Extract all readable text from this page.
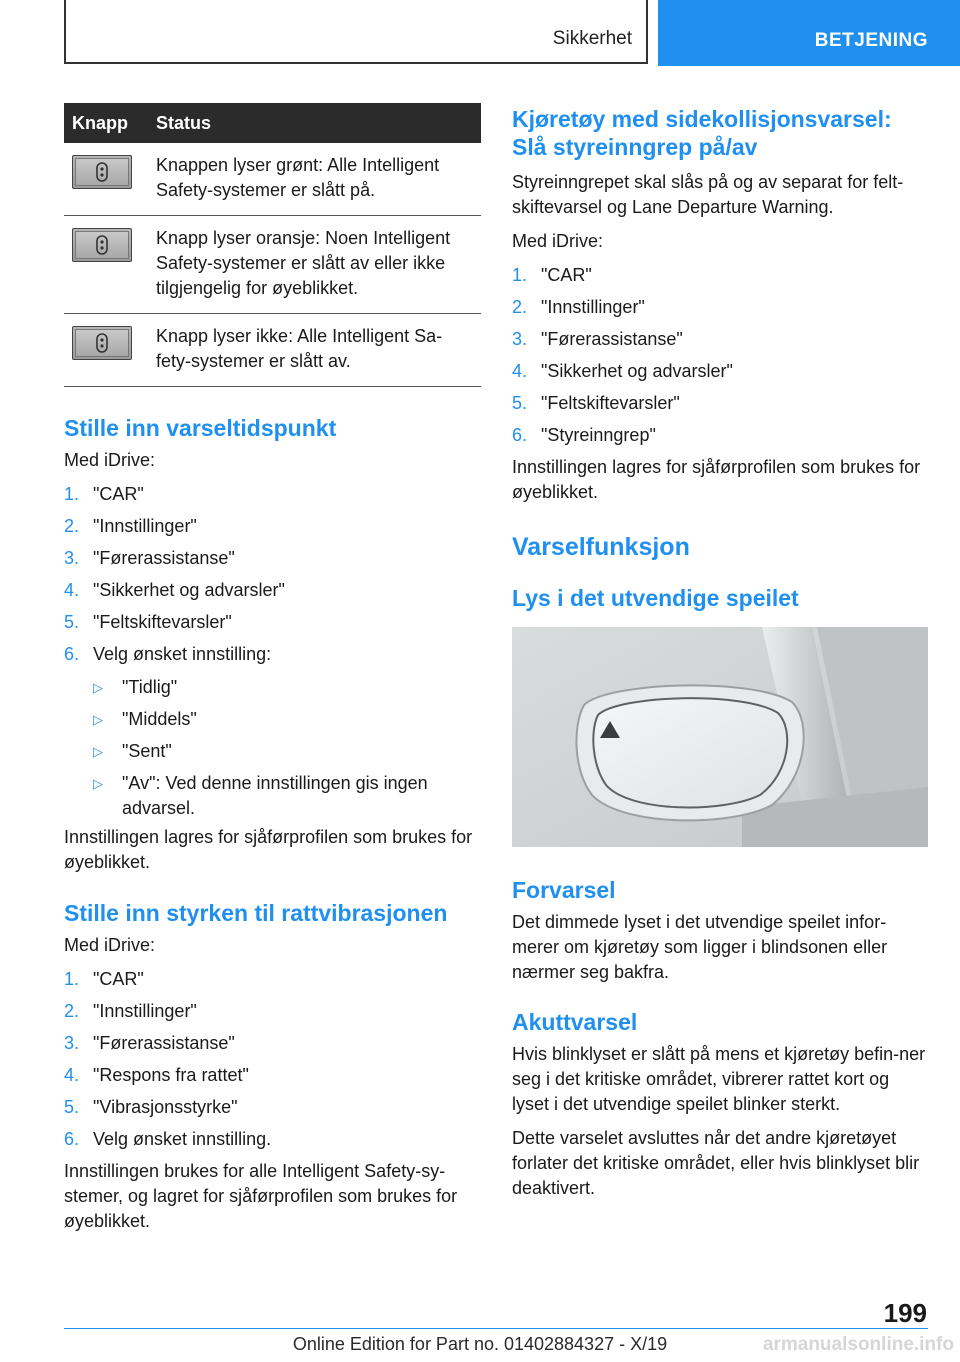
Sikkerhet	BETJENING
Knapp	Status

	Knappen lyser grønt: Alle Intelligent Safety-systemer er slått på.

	Knapp lyser oransje: Noen Intelligent Safety-systemer er slått av eller ikke tilgjengelig for øyeblikket.

	Knapp lyser ikke: Alle Intelligent Sa-fety-systemer er slått av.
Stille inn varseltidspunkt

Med iDrive:

1. "CAR"
2. "Innstillinger"
3. "Førerassistanse"
4. "Sikkerhet og advarsler"
5. "Feltskiftevarsler"
6. Velg ønsket innstilling:
▷ "Tidlig"
▷ "Middels"
▷ "Sent"
▷ "Av": Ved denne innstillingen gis ingen advarsel.

Innstillingen lagres for sjåførprofilen som brukes for øyeblikket.

Stille inn styrken til rattvibrasjonen

Med iDrive:

1. "CAR"
2. "Innstillinger"
3. "Førerassistanse"
4. "Respons fra rattet"
5. "Vibrasjonsstyrke"
6. Velg ønsket innstilling.

Innstillingen brukes for alle Intelligent Safety-sy-stemer, og lagret for sjåførprofilen som brukes for øyeblikket.

Kjøretøy med sidekollisjonsvarsel: Slå styreinngrep på/av

Styreinngrepet skal slås på og av separat for felt-skiftevarsel og Lane Departure Warning.

Med iDrive:

1. "CAR"
2. "Innstillinger"
3. "Førerassistanse"
4. "Sikkerhet og advarsler"
5. "Feltskiftevarsler"
6. "Styreinngrep"

Innstillingen lagres for sjåførprofilen som brukes for øyeblikket.

Varselfunksjon
Lys i det utvendige speilet
Forvarsel

Det dimmede lyset i det utvendige speilet infor-merer om kjøretøy som ligger i blindsonen eller nærmer seg bakfra.

Akuttvarsel

Hvis blinklyset er slått på mens et kjøretøy befin-ner seg i det kritiske området, vibrerer rattet kort og lyset i det utvendige speilet blinker sterkt.

Dette varselet avsluttes når det andre kjøretøyet forlater det kritiske området, eller hvis blinklyset blir deaktivert.

199
Online Edition for Part no. 01402884327 - X/19	armanualsonline.info
